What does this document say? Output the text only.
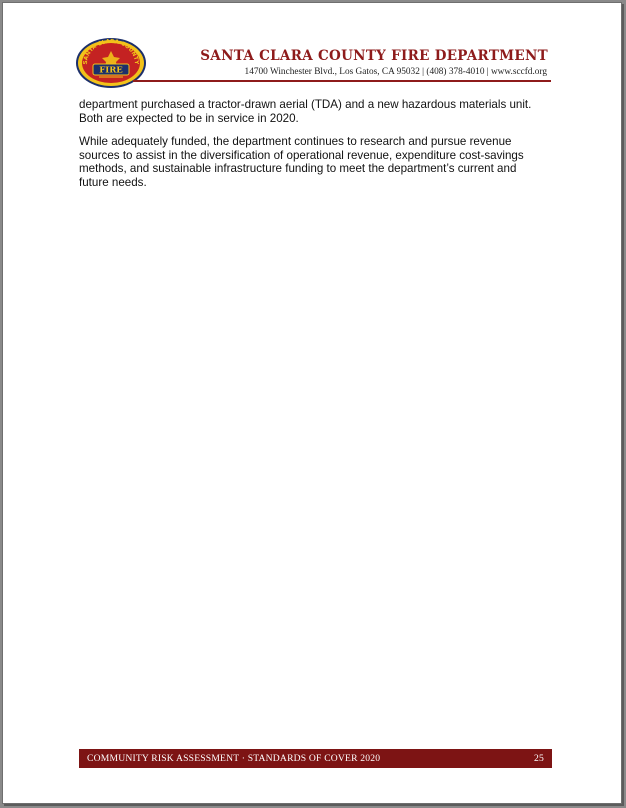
SANTA CLARA COUNTY
FIRE
SANTA CLARA COUNTY FIRE DEPARTMENT
14700 Winchester Blvd., Los Gatos, CA 95032 | (408) 378-4010 | www.sccfd.org

department purchased a tractor-drawn aerial (TDA) and a new hazardous materials unit. Both are expected to be in service in 2020.

While adequately funded, the department continues to research and pursue revenue sources to assist in the diversification of operational revenue, expenditure cost-savings methods, and sustainable infrastructure funding to meet the department’s current and future needs.

COMMUNITY RISK ASSESSMENT · STANDARDS OF COVER 2020	25
